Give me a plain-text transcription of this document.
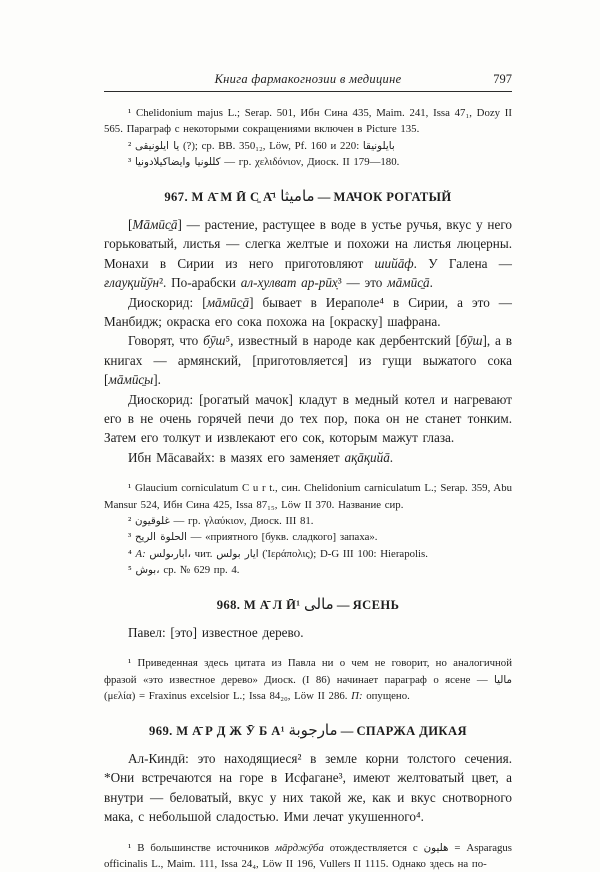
Книга фармакогнозии в медицине	797

¹ Chelidonium majus L.; Serap. 501, Ибн Сина 435, Maim. 241, Issa 47₁, Dozy II 565. Параграф с некоторыми сокращениями включен в Picture 135.

² يا ايلونيقى (?); ср. BB. 350₁₂, Löw, Pf. 160 и 220: بايلونيقا

³ كللونيا وايضاكيلادونيا — гр. χελιδόνιον, Диоск. II 179—180.

967. М А̄ М Ӣ С̱ А̄¹ ماميثا — МАЧОК РОГАТЫЙ

[Мāмӣс̱ā] — растение, растущее в воде в устье ручья, вкус у него горьковатый, листья — слегка желтые и похожи на листья люцерны. Монахи в Сирии из него приготовляют шийāф. У Галена — ғлауқийӯн². По-арабски ал-х̣улват ар-рӣх̣³ — это мāмӣс̱ā.

Диоскорид: [мāмӣс̱ā] бывает в Иераполе⁴ в Сирии, а это — Манбидж; окраска его сока похожа на [окраску] шафрана.

Говорят, что бӯш⁵, известный в народе как дербентский [бӯш], а в книгах — армянский, [приготовляется] из гущи выжатого сока [мāмӣс̱ы].

Диоскорид: [рогатый мачок] кладут в медный котел и нагревают его в не очень горячей печи до тех пор, пока он не станет тонким. Затем его толкут и извлекают его сок, которым мажут глаза.

Ибн Мāсавайх: в мазях его заменяет ақāқийā.

¹ Glaucium corniculatum C u r t., син. Chelidonium carniculatum L.; Serap. 359, Abu Mansur 524, Ибн Сина 425, Issa 87₁₅, Löw II 370. Название сир.

² غلوقيون — гр. γλαύκιον, Диоск. III 81.

³ الحلوة الريح — «приятного [букв. сладкого] запаха».

⁴ А: ابارىولس، чит. ايار بولس (Ἱεράπολις); D-G III 100: Hierapolis.

⁵ بوش، ср. № 629 пр. 4.

968. М А̄ Л Ӣ¹ مالى — ЯСЕНЬ

Павел: [это] известное дерево.

¹ Приведенная здесь цитата из Павла ни о чем не говорит, но аналогичной фразой «это известное дерево» Диоск. (I 86) начинает параграф о ясене — ماليا (μελία) = Fraxinus excelsior L.; Issa 84₂₀, Löw II 286. П: опущено.

969. М А̄ Р Д Ж Ӯ Б А¹ مارجوبة — СПАРЖА ДИКАЯ

Ал-Киндӣ: это находящиеся² в земле корни толстого сечения. *Они встречаются на горе в Исфагане³, имеют желтоватый цвет, а внутри — беловатый, вкус у них такой же, как и вкус снотворного мака, с небольшой сладостью. Ими лечат укушенного⁴.

¹ В большинстве источников мāрджӯба отождествляется с هليون = Asparagus officinalis L., Maim. 111, Issa 24₄, Löw II 196, Vullers II 1115. Однако здесь на по-
